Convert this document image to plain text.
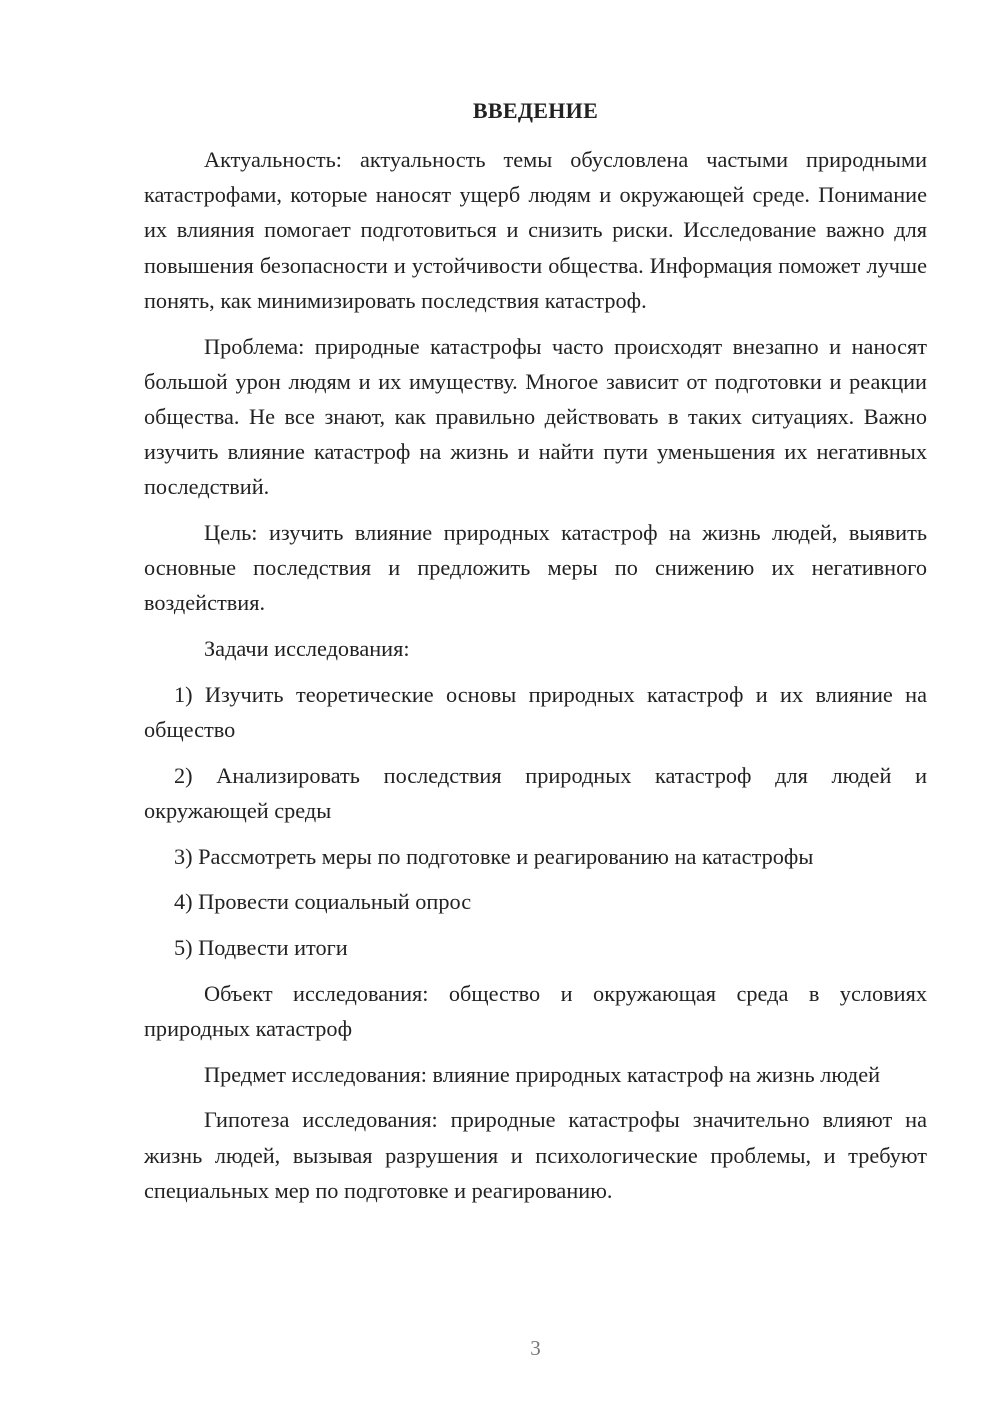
ВВЕДЕНИЕ

Актуальность: актуальность темы обусловлена частыми природными катастрофами, которые наносят ущерб людям и окружающей среде. Понимание их влияния помогает подготовиться и снизить риски. Исследование важно для повышения безопасности и устойчивости общества. Информация поможет лучше понять, как минимизировать последствия катастроф.

Проблема: природные катастрофы часто происходят внезапно и наносят большой урон людям и их имуществу. Многое зависит от подготовки и реакции общества. Не все знают, как правильно действовать в таких ситуациях. Важно изучить влияние катастроф на жизнь и найти пути уменьшения их негативных последствий.

Цель: изучить влияние природных катастроф на жизнь людей, выявить основные последствия и предложить меры по снижению их негативного воздействия.

Задачи исследования:

1) Изучить теоретические основы природных катастроф и их влияние на общество

2) Анализировать последствия природных катастроф для людей и окружающей среды

3) Рассмотреть меры по подготовке и реагированию на катастрофы

4) Провести социальный опрос

5) Подвести итоги

Объект исследования: общество и окружающая среда в условиях природных катастроф

Предмет исследования: влияние природных катастроф на жизнь людей

Гипотеза исследования: природные катастрофы значительно влияют на жизнь людей, вызывая разрушения и психологические проблемы, и требуют специальных мер по подготовке и реагированию.

3
